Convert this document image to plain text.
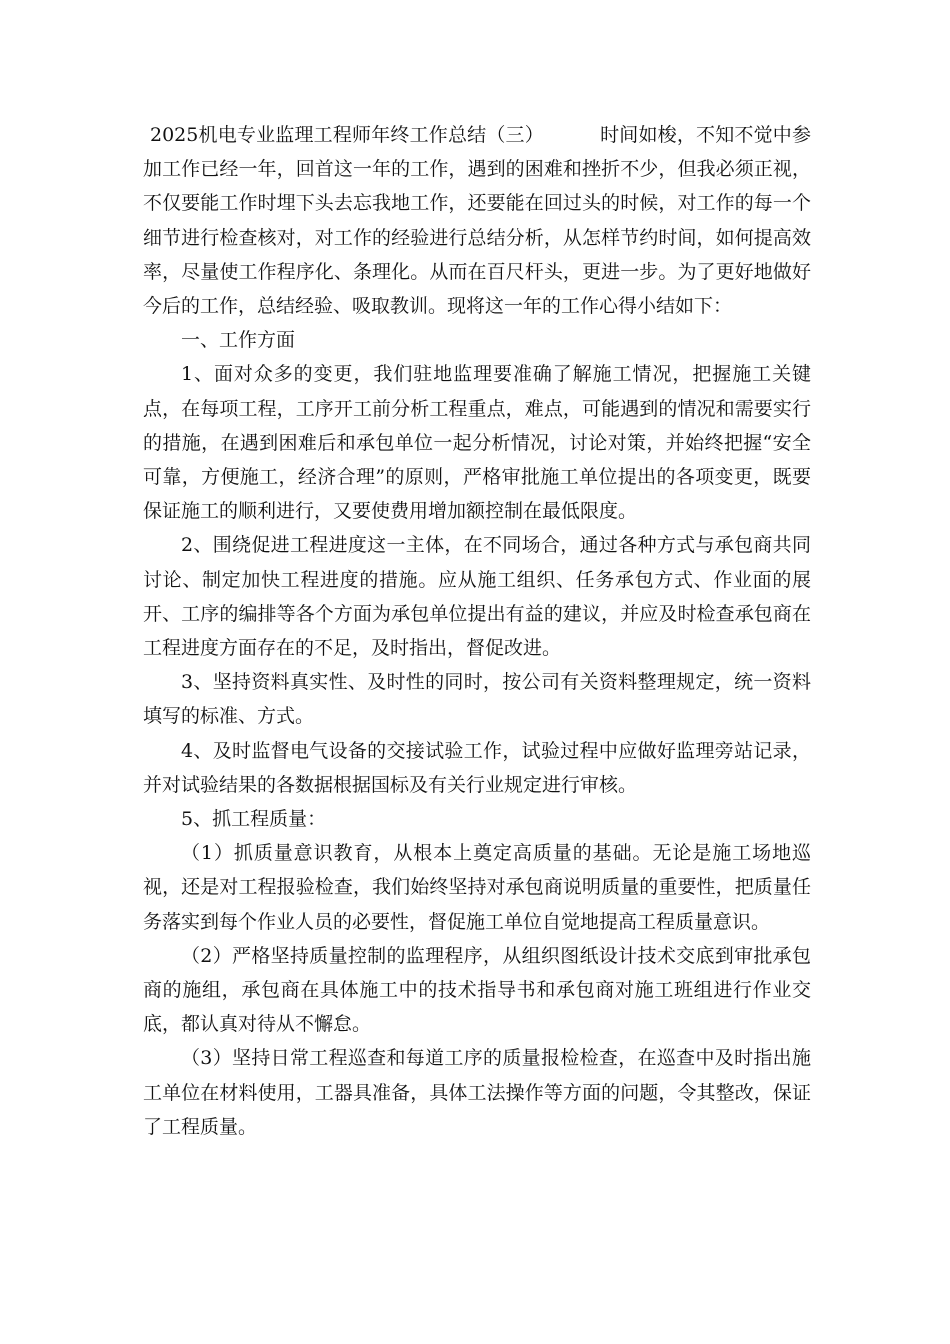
2025机电专业监理工程师年终工作总结（三）	时间如梭，不知不觉中参加工作已经一年，回首这一年的工作，遇到的困难和挫折不少，但我必须正视，不仅要能工作时埋下头去忘我地工作，还要能在回过头的时候，对工作的每一个细节进行检查核对，对工作的经验进行总结分析，从怎样节约时间，如何提高效率，尽量使工作程序化、条理化。从而在百尺杆头，更进一步。为了更好地做好今后的工作，总结经验、吸取教训。现将这一年的工作心得小结如下：

一、工作方面

1、面对众多的变更，我们驻地监理要准确了解施工情况，把握施工关键点，在每项工程，工序开工前分析工程重点，难点，可能遇到的情况和需要实行的措施，在遇到困难后和承包单位一起分析情况，讨论对策，并始终把握“安全可靠，方便施工，经济合理”的原则，严格审批施工单位提出的各项变更，既要保证施工的顺利进行，又要使费用增加额控制在最低限度。

2、围绕促进工程进度这一主体，在不同场合，通过各种方式与承包商共同讨论、制定加快工程进度的措施。应从施工组织、任务承包方式、作业面的展开、工序的编排等各个方面为承包单位提出有益的建议，并应及时检查承包商在工程进度方面存在的不足，及时指出，督促改进。

3、坚持资料真实性、及时性的同时，按公司有关资料整理规定，统一资料填写的标准、方式。

4、及时监督电气设备的交接试验工作，试验过程中应做好监理旁站记录，并对试验结果的各数据根据国标及有关行业规定进行审核。

5、抓工程质量：

（1）抓质量意识教育，从根本上奠定高质量的基础。无论是施工场地巡视，还是对工程报验检查，我们始终坚持对承包商说明质量的重要性，把质量任务落实到每个作业人员的必要性，督促施工单位自觉地提高工程质量意识。

（2）严格坚持质量控制的监理程序，从组织图纸设计技术交底到审批承包商的施组，承包商在具体施工中的技术指导书和承包商对施工班组进行作业交底，都认真对待从不懈怠。

（3）坚持日常工程巡查和每道工序的质量报检检查，在巡查中及时指出施工单位在材料使用，工器具准备，具体工法操作等方面的问题，令其整改，保证了工程质量。
